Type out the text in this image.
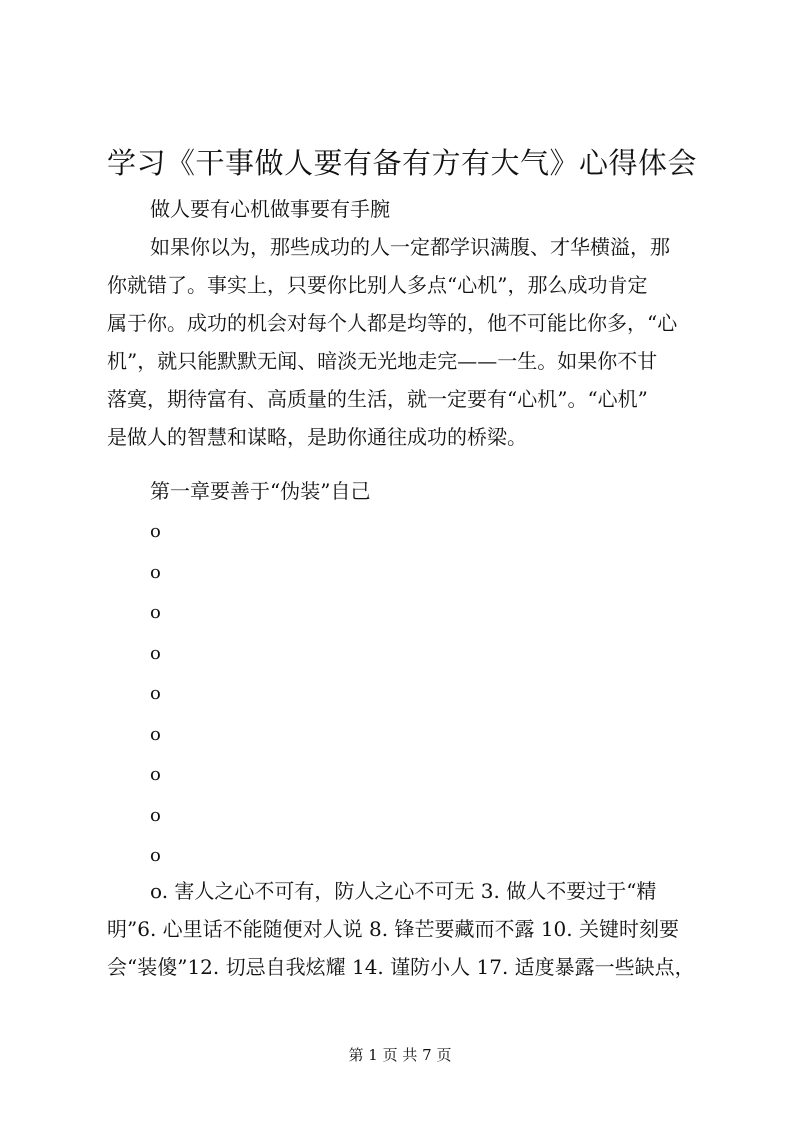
学习《干事做人要有备有方有大气》心得体会

做人要有心机做事要有手腕

如果你以为，那些成功的人一定都学识满腹、才华横溢，那
你就错了。事实上，只要你比别人多点“心机”，那么成功肯定
属于你。成功的机会对每个人都是均等的，他不可能比你多，“心
机”，就只能默默无闻、暗淡无光地走完——一生。如果你不甘
落寞，期待富有、高质量的生活，就一定要有“心机”。“心机”
是做人的智慧和谋略，是助你通往成功的桥梁。

第一章要善于“伪装”自己

o
o
o
o
o
o
o
o
o
o. 害人之心不可有，防人之心不可无 3. 做人不要过于“精
明”6. 心里话不能随便对人说 8. 锋芒要藏而不露 10. 关键时刻要
会“装傻”12. 切忌自我炫耀 14. 谨防小人 17. 适度暴露一些缺点，
第 1 页 共 7 页
